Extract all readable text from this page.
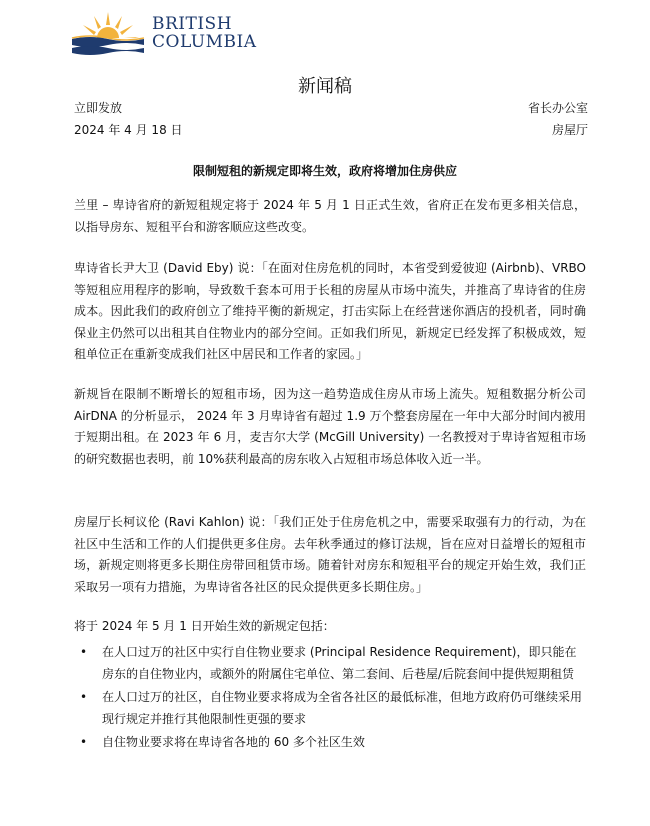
BRITISH
COLUMBIA
新闻稿
立即发放
2024 年 4 月 18 日
省长办公室
房屋厅
限制短租的新规定即将生效，政府将增加住房供应

兰里 – 卑诗省府的新短租规定将于 2024 年 5 月 1 日正式生效，省府正在发布更多相关信息，以指导房东、短租平台和游客顺应这些改变。

卑诗省长尹大卫 (David Eby) 说：「在面对住房危机的同时，本省受到爱彼迎 (Airbnb)、VRBO 等短租应用程序的影响，导致数千套本可用于长租的房屋从市场中流失，并推高了卑诗省的住房成本。因此我们的政府创立了维持平衡的新规定，打击实际上在经营迷你酒店的投机者，同时确保业主仍然可以出租其自住物业内的部分空间。正如我们所见，新规定已经发挥了积极成效，短租单位正在重新变成我们社区中居民和工作者的家园。」

新规旨在限制不断增长的短租市场，因为这一趋势造成住房从市场上流失。短租数据分析公司 AirDNA 的分析显示， 2024 年 3 月卑诗省有超过 1.9 万个整套房屋在一年中大部分时间内被用于短期出租。在 2023 年 6 月，麦吉尔大学 (McGill University) 一名教授对于卑诗省短租市场的研究数据也表明，前 10%获利最高的房东收入占短租市场总体收入近一半。

房屋厅长柯议伦 (Ravi Kahlon) 说：「我们正处于住房危机之中，需要采取强有力的行动，为在社区中生活和工作的人们提供更多住房。去年秋季通过的修订法规，旨在应对日益增长的短租市场，新规定则将更多长期住房带回租赁市场。随着针对房东和短租平台的规定开始生效，我们正采取另一项有力措施，为卑诗省各社区的民众提供更多长期住房。」

将于 2024 年 5 月 1 日开始生效的新规定包括：

• 在人口过万的社区中实行自住物业要求 (Principal Residence Requirement)，即只能在房东的自住物业内，或额外的附属住宅单位、第二套间、后巷屋/后院套间中提供短期租赁
• 在人口过万的社区，自住物业要求将成为全省各社区的最低标准，但地方政府仍可继续采用现行规定并推行其他限制性更强的要求
• 自住物业要求将在卑诗省各地的 60 多个社区生效
